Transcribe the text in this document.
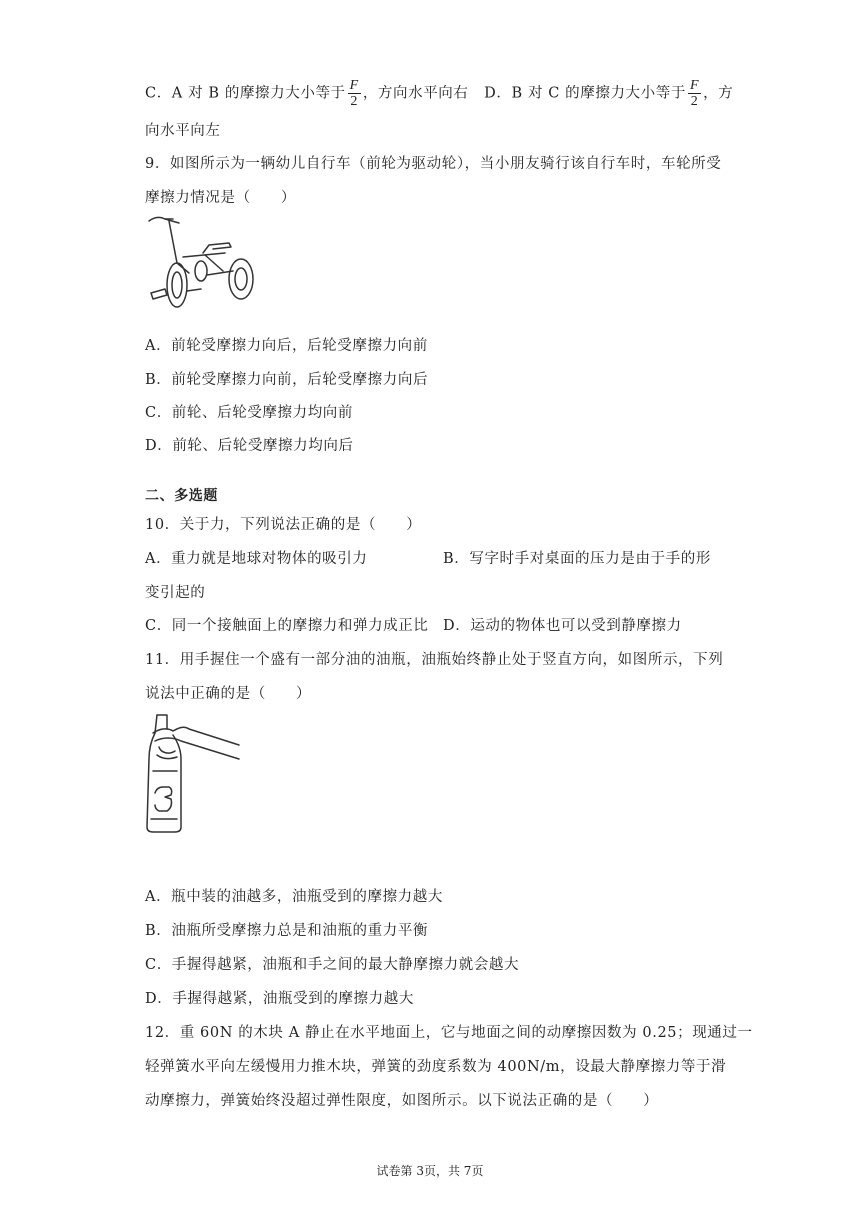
C．A 对 B 的摩擦力大小等于 $\frac{F}{2}$ ，方向水平向右 D．B 对 C 的摩擦力大小等于 $\frac{F}{2}$ ，方
向水平向左
9．如图所示为一辆幼儿自行车（前轮为驱动轮），当小朋友骑行该自行车时，车轮所受
摩擦力情况是（　　）
A．前轮受摩擦力向后，后轮受摩擦力向前
B．前轮受摩擦力向前，后轮受摩擦力向后
C．前轮、后轮受摩擦力均向前
D．前轮、后轮受摩擦力均向后
二、多选题
10．关于力，下列说法正确的是（　　）
A．重力就是地球对物体的吸引力	B．写字时手对桌面的压力是由于手的形
变引起的
C．同一个接触面上的摩擦力和弹力成正比 D．运动的物体也可以受到静摩擦力
11．用手握住一个盛有一部分油的油瓶，油瓶始终静止处于竖直方向，如图所示，下列
说法中正确的是（　　）
A．瓶中装的油越多，油瓶受到的摩擦力越大
B．油瓶所受摩擦力总是和油瓶的重力平衡
C．手握得越紧，油瓶和手之间的最大静摩擦力就会越大
D．手握得越紧，油瓶受到的摩擦力越大
12．重 60N 的木块 A 静止在水平地面上，它与地面之间的动摩擦因数为 0.25；现通过一
轻弹簧水平向左缓慢用力推木块，弹簧的劲度系数为 400N/m，设最大静摩擦力等于滑
动摩擦力，弹簧始终没超过弹性限度，如图所示。以下说法正确的是（　　）
试卷第 3页，共 7页
